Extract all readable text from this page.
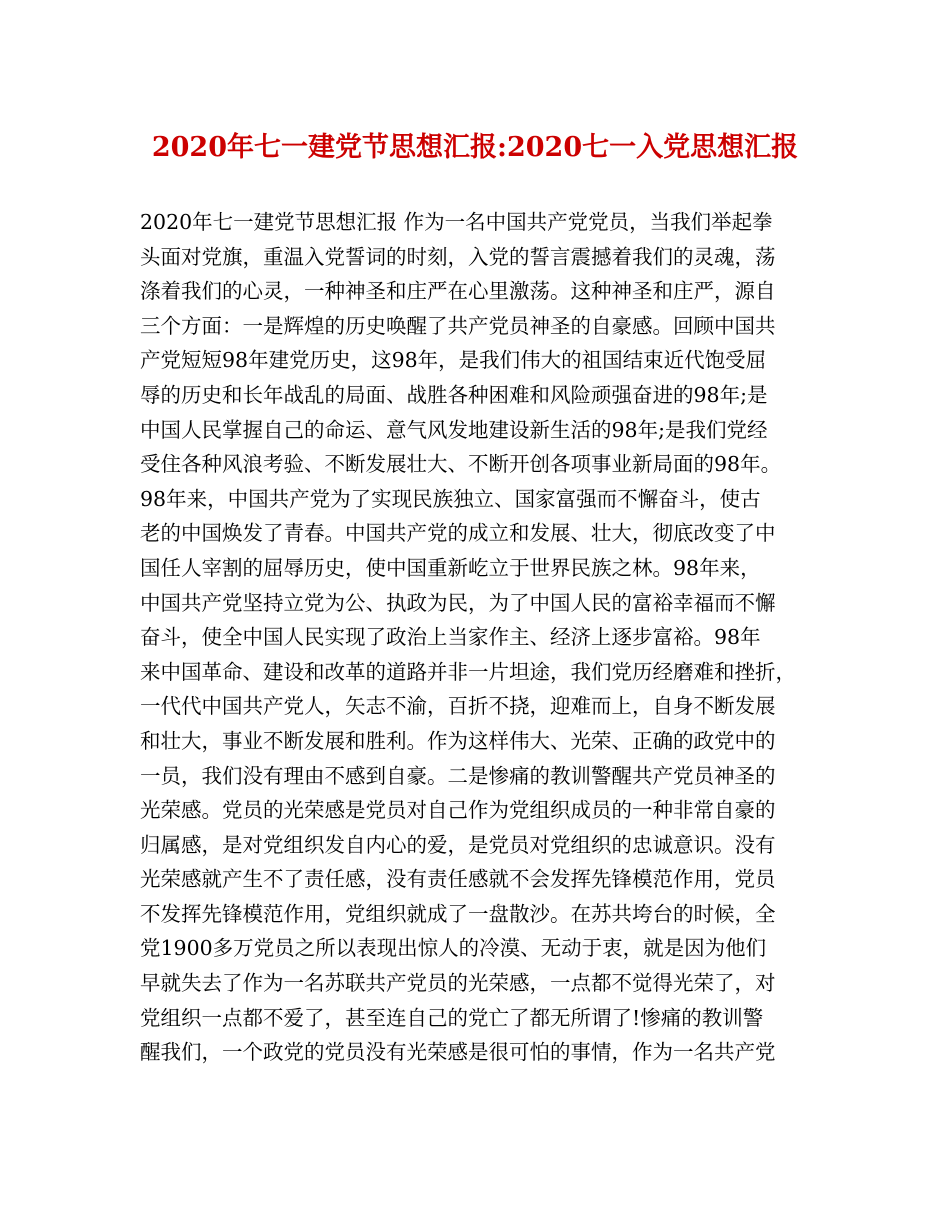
2020年七一建党节思想汇报:2020七一入党思想汇报
2020年七一建党节思想汇报 作为一名中国共产党党员，当我们举起拳
头面对党旗，重温入党誓词的时刻，入党的誓言震撼着我们的灵魂，荡
涤着我们的心灵，一种神圣和庄严在心里激荡。这种神圣和庄严，源自
三个方面：一是辉煌的历史唤醒了共产党员神圣的自豪感。回顾中国共
产党短短98年建党历史，这98年，是我们伟大的祖国结束近代饱受屈
辱的历史和长年战乱的局面、战胜各种困难和风险顽强奋进的98年;是
中国人民掌握自己的命运、意气风发地建设新生活的98年;是我们党经
受住各种风浪考验、不断发展壮大、不断开创各项事业新局面的98年。
98年来，中国共产党为了实现民族独立、国家富强而不懈奋斗，使古
老的中国焕发了青春。中国共产党的成立和发展、壮大，彻底改变了中
国任人宰割的屈辱历史，使中国重新屹立于世界民族之林。98年来，
中国共产党坚持立党为公、执政为民，为了中国人民的富裕幸福而不懈
奋斗，使全中国人民实现了政治上当家作主、经济上逐步富裕。98年
来中国革命、建设和改革的道路并非一片坦途，我们党历经磨难和挫折，
一代代中国共产党人，矢志不渝，百折不挠，迎难而上，自身不断发展
和壮大，事业不断发展和胜利。作为这样伟大、光荣、正确的政党中的
一员，我们没有理由不感到自豪。二是惨痛的教训警醒共产党员神圣的
光荣感。党员的光荣感是党员对自己作为党组织成员的一种非常自豪的
归属感，是对党组织发自内心的爱，是党员对党组织的忠诚意识。没有
光荣感就产生不了责任感，没有责任感就不会发挥先锋模范作用，党员
不发挥先锋模范作用，党组织就成了一盘散沙。在苏共垮台的时候，全
党1900多万党员之所以表现出惊人的冷漠、无动于衷，就是因为他们
早就失去了作为一名苏联共产党员的光荣感，一点都不觉得光荣了，对
党组织一点都不爱了，甚至连自己的党亡了都无所谓了!惨痛的教训警
醒我们，一个政党的党员没有光荣感是很可怕的事情，作为一名共产党
